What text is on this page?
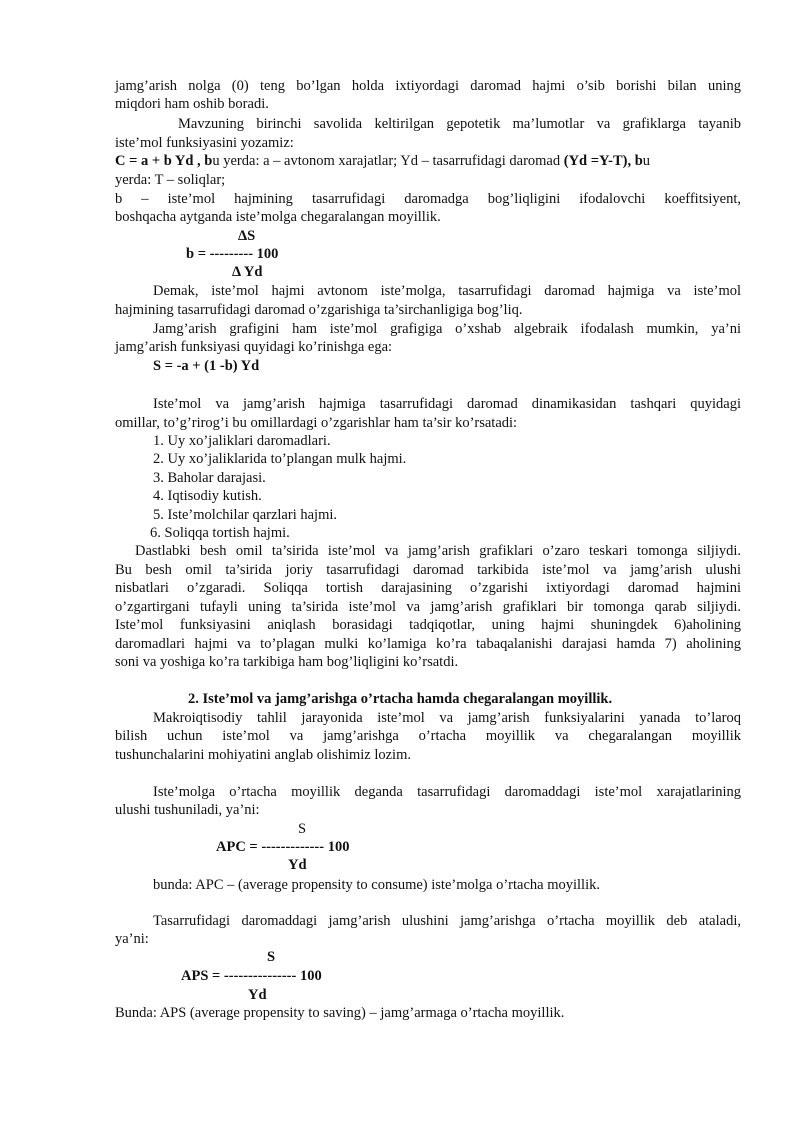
jamg’arish nolga (0) teng bo’lgan holda ixtiyordagi daromad hajmi o’sib borishi bilan uning
miqdori ham oshib boradi.
Mavzuning birinchi savolida keltirilgan gepotetik ma’lumotlar va grafiklarga tayanib
iste’mol funksiyasini yozamiz:
C = a + b Yd , bu yerda: a – avtonom xarajatlar; Yd – tasarrufidagi daromad (Yd =Y-T), bu
yerda: T – soliqlar;
b – iste’mol hajmining tasarrufidagi daromadga bog’liqligini ifodalovchi koeffitsiyent,
boshqacha aytganda iste’molga chegaralangan moyillik.
ΔS
b = --------- 100
Δ Yd
Demak, iste’mol hajmi avtonom iste’molga, tasarrufidagi daromad hajmiga va iste’mol
hajmining tasarrufidagi daromad o’zgarishiga ta’sirchanligiga bog’liq.
Jamg’arish grafigini ham iste’mol grafigiga o’xshab algebraik ifodalash mumkin, ya’ni
jamg’arish funksiyasi quyidagi ko’rinishga ega:
S = -a + (1 -b) Yd
Iste’mol va jamg’arish hajmiga tasarrufidagi daromad dinamikasidan tashqari quyidagi
omillar, to’g’rirog’i bu omillardagi o’zgarishlar ham ta’sir ko’rsatadi:
1. Uy xo’jaliklari daromadlari.
2. Uy xo’jaliklarida to’plangan mulk hajmi.
3. Baholar darajasi.
4. Iqtisodiy kutish.
5. Iste’molchilar qarzlari hajmi.
6. Soliqqa tortish hajmi.
Dastlabki besh omil ta’sirida iste’mol va jamg’arish grafiklari o’zaro teskari tomonga siljiydi.
Bu besh omil ta’sirida joriy tasarrufidagi daromad tarkibida iste’mol va jamg’arish ulushi
nisbatlari o’zgaradi. Soliqqa tortish darajasining o’zgarishi ixtiyordagi daromad hajmini
o’zgartirgani tufayli uning ta’sirida iste’mol va jamg’arish grafiklari bir tomonga qarab siljiydi.
Iste’mol funksiyasini aniqlash borasidagi tadqiqotlar, uning hajmi shuningdek 6)aholining
daromadlari hajmi va to’plagan mulki ko’lamiga ko’ra tabaqalanishi darajasi hamda 7) aholining
soni va yoshiga ko’ra tarkibiga ham bog’liqligini ko’rsatdi.
2. Iste’mol va jamg’arishga o’rtacha hamda chegaralangan moyillik.
Makroiqtisodiy tahlil jarayonida iste’mol va jamg’arish funksiyalarini yanada to’laroq
bilish uchun iste’mol va jamg’arishga o’rtacha moyillik va chegaralangan moyillik
tushunchalarini mohiyatini anglab olishimiz lozim.
Iste’molga o’rtacha moyillik deganda tasarrufidagi daromaddagi iste’mol xarajatlarining
ulushi tushuniladi, ya’ni:
S
APC = ------------- 100
Yd
bunda: APC – (average propensity to consume) iste’molga o’rtacha moyillik.
Tasarrufidagi daromaddagi jamg’arish ulushini jamg’arishga o’rtacha moyillik deb ataladi,
ya’ni:
S
APS = --------------- 100
Yd
Bunda: APS (average propensity to saving) – jamg’armaga o’rtacha moyillik.
